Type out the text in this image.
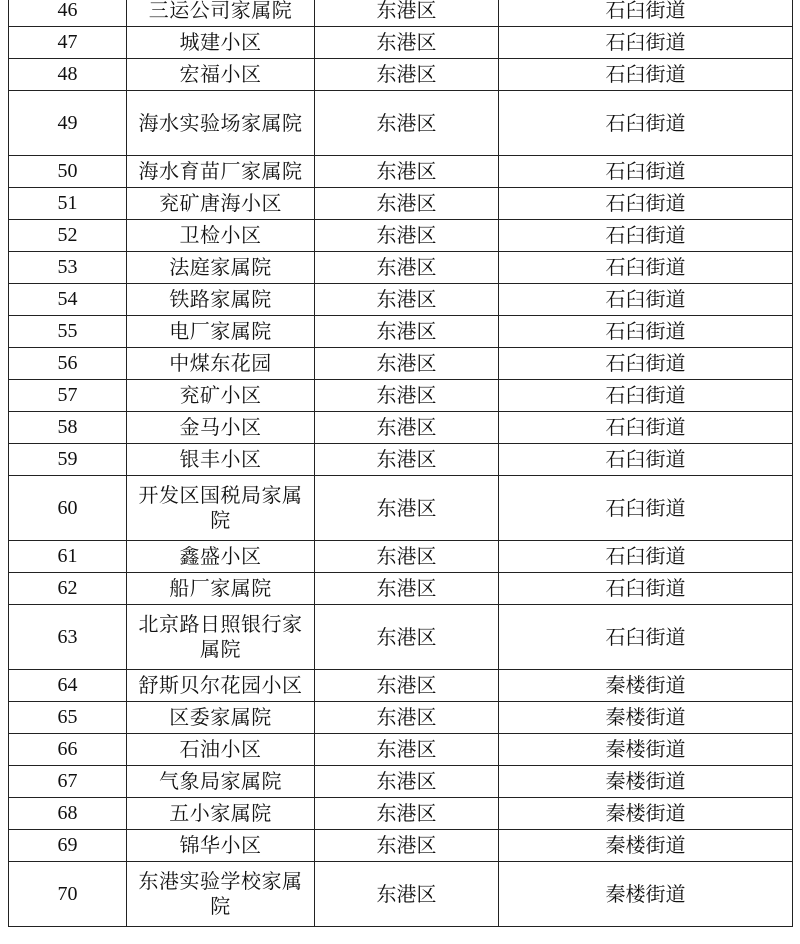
46	三运公司家属院	东港区	石臼街道
47	城建小区	东港区	石臼街道
48	宏福小区	东港区	石臼街道
49	海水实验场家属院	东港区	石臼街道
50	海水育苗厂家属院	东港区	石臼街道
51	兖矿唐海小区	东港区	石臼街道
52	卫检小区	东港区	石臼街道
53	法庭家属院	东港区	石臼街道
54	铁路家属院	东港区	石臼街道
55	电厂家属院	东港区	石臼街道
56	中煤东花园	东港区	石臼街道
57	兖矿小区	东港区	石臼街道
58	金马小区	东港区	石臼街道
59	银丰小区	东港区	石臼街道
60	开发区国税局家属院	东港区	石臼街道
61	鑫盛小区	东港区	石臼街道
62	船厂家属院	东港区	石臼街道
63	北京路日照银行家属院	东港区	石臼街道
64	舒斯贝尔花园小区	东港区	秦楼街道
65	区委家属院	东港区	秦楼街道
66	石油小区	东港区	秦楼街道
67	气象局家属院	东港区	秦楼街道
68	五小家属院	东港区	秦楼街道
69	锦华小区	东港区	秦楼街道
70	东港实验学校家属院	东港区	秦楼街道
